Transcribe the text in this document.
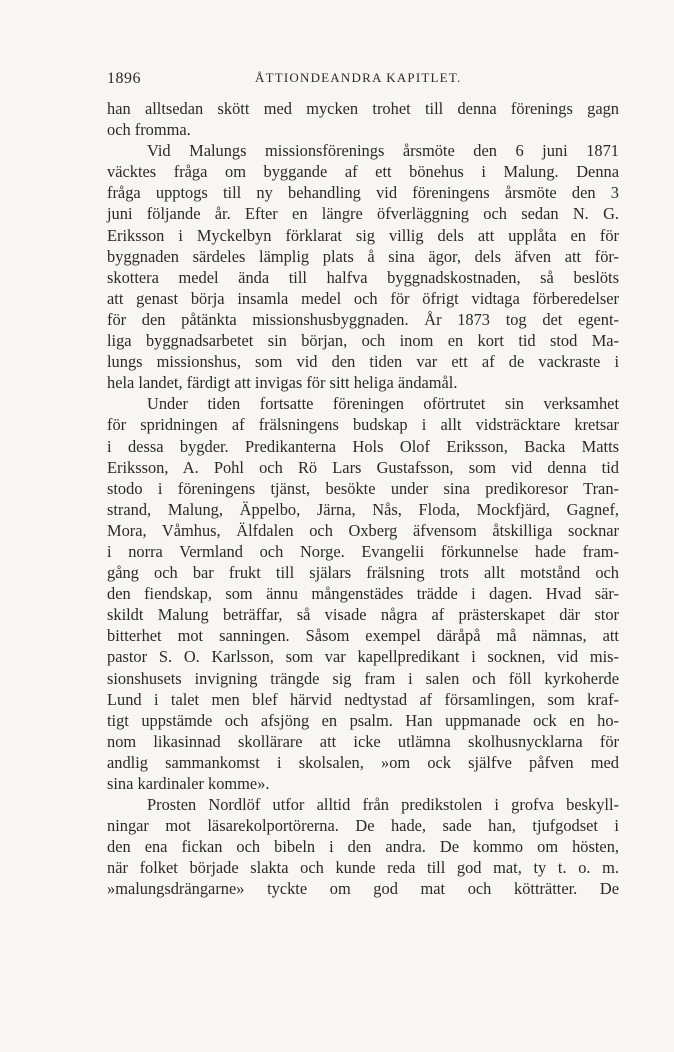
1896	ÅTTIONDEANDRA KAPITLET.
han alltsedan skött med mycken trohet till denna förenings gagn
och fromma.
Vid Malungs missionsförenings årsmöte den 6 juni 1871
väcktes fråga om byggande af ett bönehus i Malung. Denna
fråga upptogs till ny behandling vid föreningens årsmöte den 3
juni följande år. Efter en längre öfverläggning och sedan N. G.
Eriksson i Myckelbyn förklarat sig villig dels att upplåta en för
byggnaden särdeles lämplig plats å sina ägor, dels äfven att för-
skottera medel ända till halfva byggnadskostnaden, så beslöts
att genast börja insamla medel och för öfrigt vidtaga förberedelser
för den påtänkta missionshusbyggnaden. År 1873 tog det egent-
liga byggnadsarbetet sin början, och inom en kort tid stod Ma-
lungs missionshus, som vid den tiden var ett af de vackraste i
hela landet, färdigt att invigas för sitt heliga ändamål.
Under tiden fortsatte föreningen oförtrutet sin verksamhet
för spridningen af frälsningens budskap i allt vidsträcktare kretsar
i dessa bygder. Predikanterna Hols Olof Eriksson, Backa Matts
Eriksson, A. Pohl och Rö Lars Gustafsson, som vid denna tid
stodo i föreningens tjänst, besökte under sina predikoresor Tran-
strand, Malung, Äppelbo, Järna, Nås, Floda, Mockfjärd, Gagnef,
Mora, Våmhus, Älfdalen och Oxberg äfvensom åtskilliga socknar
i norra Vermland och Norge. Evangelii förkunnelse hade fram-
gång och bar frukt till själars frälsning trots allt motstånd och
den fiendskap, som ännu mångenstädes trädde i dagen. Hvad sär-
skildt Malung beträffar, så visade några af prästerskapet där stor
bitterhet mot sanningen. Såsom exempel däråpå må nämnas, att
pastor S. O. Karlsson, som var kapellpredikant i socknen, vid mis-
sionshusets invigning trängde sig fram i salen och föll kyrkoherde
Lund i talet men blef härvid nedtystad af församlingen, som kraf-
tigt uppstämde och afsjöng en psalm. Han uppmanade ock en ho-
nom likasinnad skollärare att icke utlämna skolhusnycklarna för
andlig sammankomst i skolsalen, »om ock själfve påfven med
sina kardinaler komme».
Prosten Nordlöf utfor alltid från predikstolen i grofva beskyll-
ningar mot läsarekolportörerna. De hade, sade han, tjufgodset i
den ena fickan och bibeln i den andra. De kommo om hösten,
när folket började slakta och kunde reda till god mat, ty t. o. m.
»malungsdrängarne» tyckte om god mat och kötträtter. De
